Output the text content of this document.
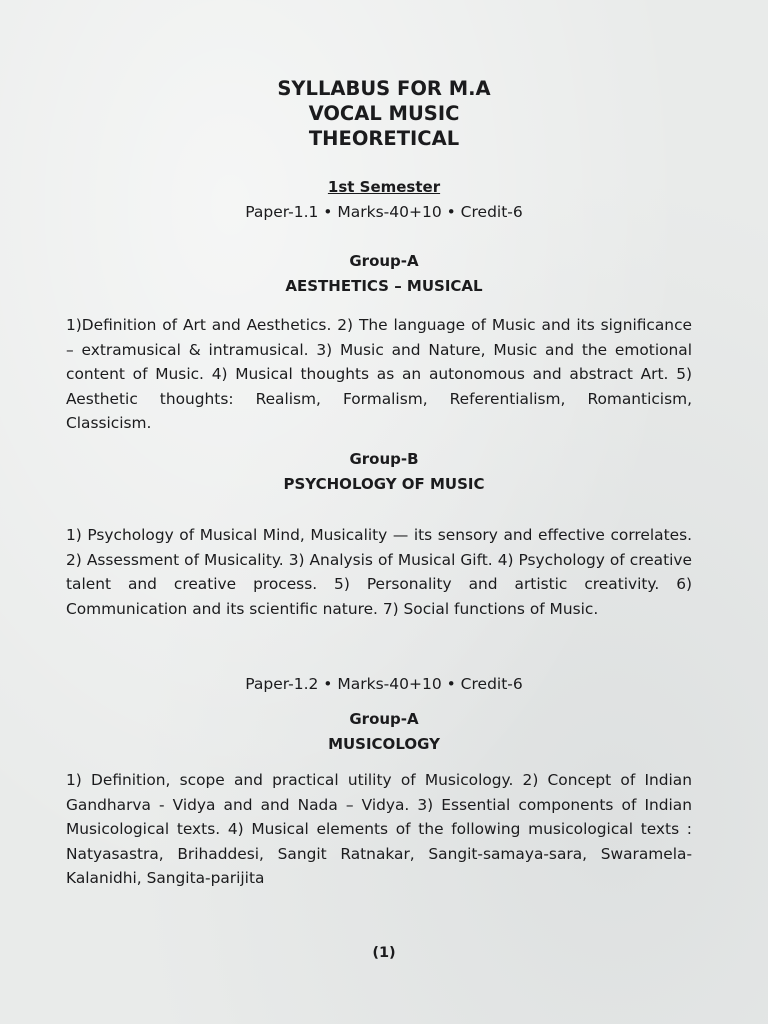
SYLLABUS FOR M.A
VOCAL MUSIC
THEORETICAL
1st Semester
Paper-1.1 • Marks-40+10 • Credit-6
Group-A
AESTHETICS – MUSICAL
1)Definition of Art and Aesthetics. 2) The language of Music and its significance – extramusical & intramusical. 3) Music and Nature, Music and the emotional content of Music. 4) Musical thoughts as an autonomous and abstract Art. 5) Aesthetic thoughts: Realism, Formalism, Referentialism, Romanticism, Classicism.
Group-B
PSYCHOLOGY OF MUSIC
1) Psychology of Musical Mind, Musicality — its sensory and effective correlates. 2) Assessment of Musicality. 3) Analysis of Musical Gift. 4) Psychology of creative talent and creative process. 5) Personality and artistic creativity. 6) Communication and its scientific nature. 7) Social functions of Music.
Paper-1.2 • Marks-40+10 • Credit-6
Group-A
MUSICOLOGY
1) Definition, scope and practical utility of Musicology. 2) Concept of Indian Gandharva - Vidya and and Nada – Vidya. 3) Essential components of Indian Musicological texts. 4) Musical elements of the following musicological texts : Natyasastra, Brihaddesi, Sangit Ratnakar, Sangit-samaya-sara, Swaramela-Kalanidhi, Sangita-parijita
(1)
